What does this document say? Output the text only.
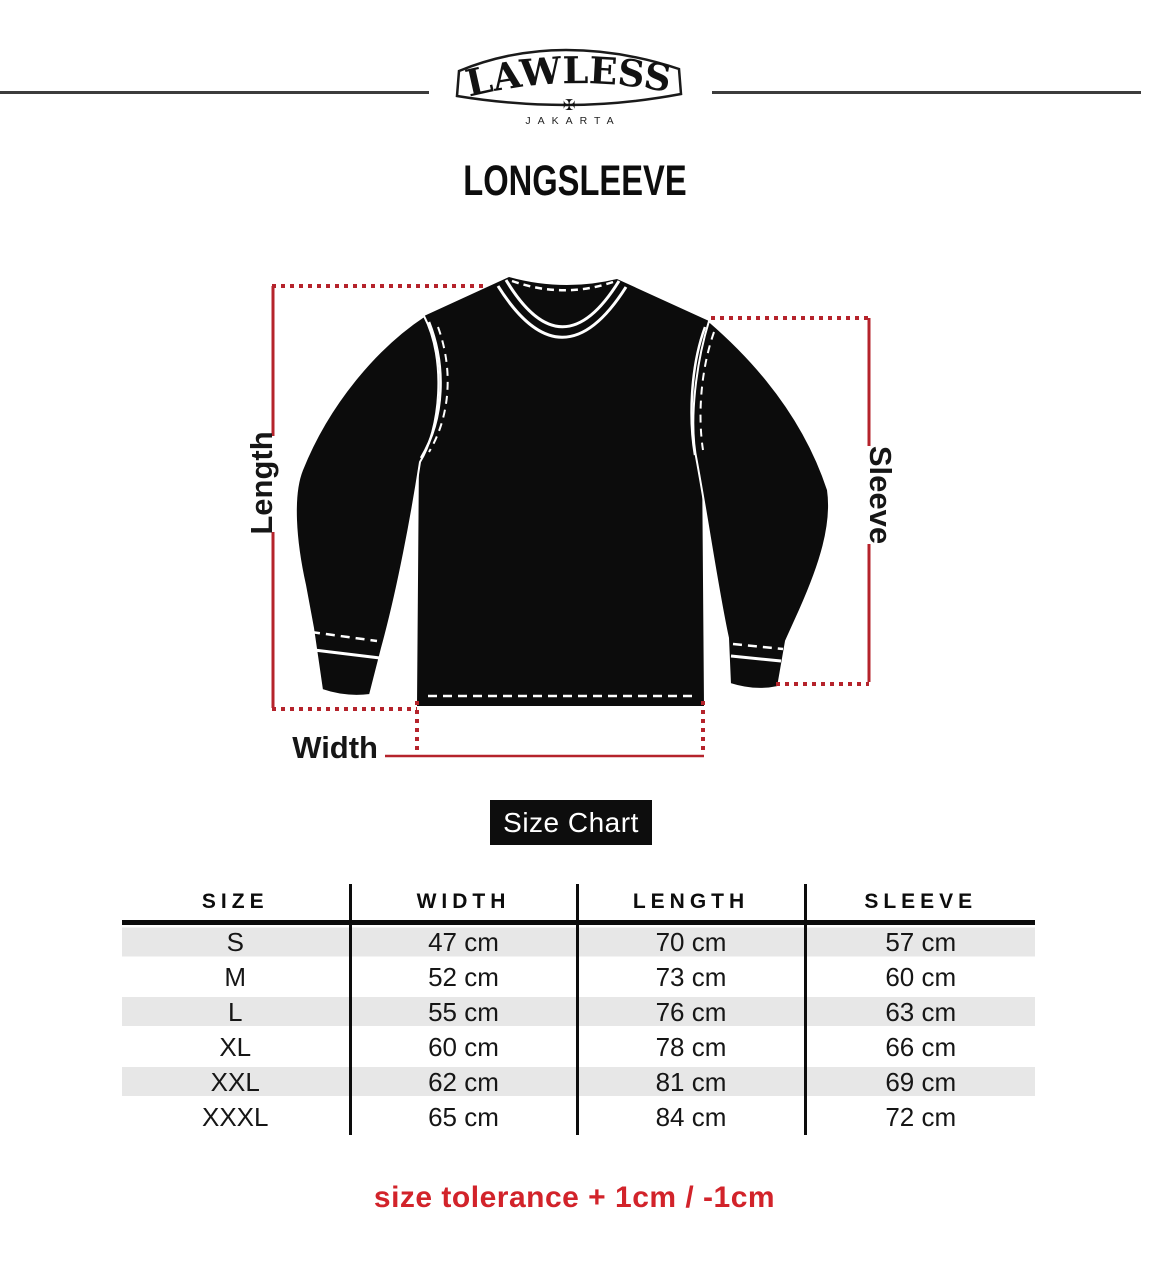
LAWLESS
✠
JAKARTA
LONGSLEEVE
Length	Sleeve
Width
Size Chart
SIZE	WIDTH	LENGTH	SLEEVE
S	47 cm	70 cm	57 cm
M	52 cm	73 cm	60 cm
L	55 cm	76 cm	63 cm
XL	60 cm	78 cm	66 cm
XXL	62 cm	81 cm	69 cm
XXXL	65 cm	84 cm	72 cm
size tolerance + 1cm / -1cm
